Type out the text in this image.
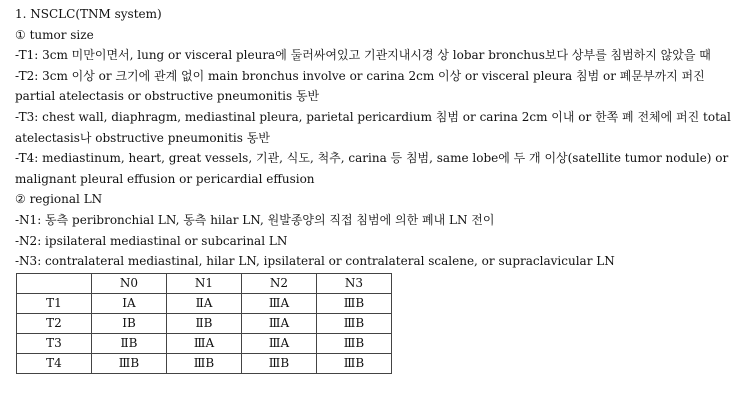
1. NSCLC(TNM system)
① tumor size
-T1: 3cm 미만이면서, lung or visceral pleura에 둘러싸여있고 기관지내시경 상 lobar bronchus보다 상부를 침범하지 않았을 때
-T2: 3cm 이상 or 크기에 관계 없이 main bronchus involve or carina 2cm 이상 or visceral pleura 침범 or 폐문부까지 퍼진 partial atelectasis or obstructive pneumonitis 동반
-T3: chest wall, diaphragm, mediastinal pleura, parietal pericardium 침범 or carina 2cm 이내 or 한쪽 폐 전체에 퍼진 total atelectasis나 obstructive pneumonitis 동반
-T4: mediastinum, heart, great vessels, 기관, 식도, 척추, carina 등 침범, same lobe에 두 개 이상(satellite tumor nodule) or malignant pleural effusion or pericardial effusion
② regional LN
-N1: 동측 peribronchial LN, 동측 hilar LN, 원발종양의 직접 침범에 의한 폐내 LN 전이
-N2: ipsilateral mediastinal or subcarinal LN
-N3: contralateral mediastinal, hilar LN, ipsilateral or contralateral scalene, or supraclavicular LN
	N0	N1	N2	N3
T1	ⅠA	ⅡA	ⅢA	ⅢB
T2	ⅠB	ⅡB	ⅢA	ⅢB
T3	ⅡB	ⅢA	ⅢA	ⅢB
T4	ⅢB	ⅢB	ⅢB	ⅢB
